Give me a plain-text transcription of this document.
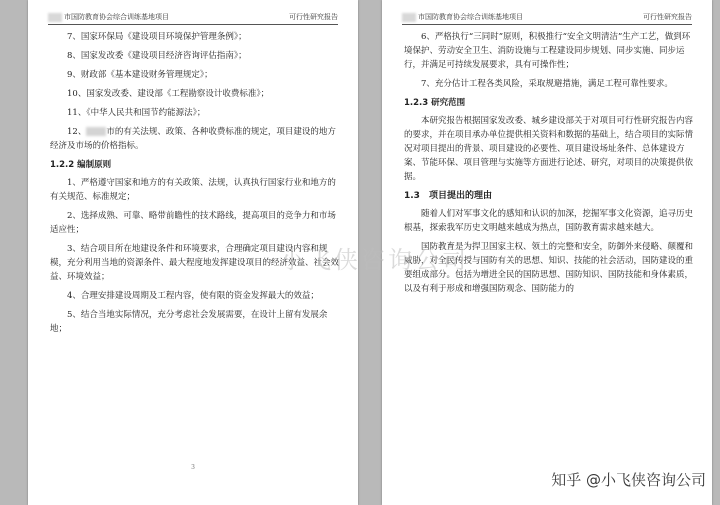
市国防教育协会综合训练基地项目	可行性研究报告

7、国家环保局《建设项目环境保护管理条例》；

8、国家发改委《建设项目经济咨询评估指南》；

9、财政部《基本建设财务管理规定》；

10、国家发改委、建设部《工程勘察设计收费标准》；

11、《中华人民共和国节约能源法》；

12、 市的有关法规、政策、各种收费标准的规定，项目建设的地方经济及市场的价格指标。

1.2.2 编制原则

1、严格遵守国家和地方的有关政策、法规，认真执行国家行业和地方的有关规范、标准规定；

2、选择成熟、可靠、略带前瞻性的技术路线，提高项目的竞争力和市场适应性；

3、结合项目所在地建设条件和环境要求，合理确定项目建设内容和规模，充分利用当地的资源条件、最大程度地发挥建设项目的经济效益、社会效益、环境效益；

4、合理安排建设周期及工程内容，使有限的资金发挥最大的效益；

5、结合当地实际情况，充分考虑社会发展需要，在设计上留有发展余地；

3
市国防教育协会综合训练基地项目	可行性研究报告

6、严格执行“三同时”原则，积极推行“安全文明清洁”生产工艺，做到环境保护、劳动安全卫生、消防设施与工程建设同步规划、同步实施、同步运行，并满足可持续发展要求，具有可操作性；

7、充分估计工程各类风险，采取规避措施，满足工程可靠性要求。

1.2.3 研究范围

本研究报告根据国家发改委、城乡建设部关于对项目可行性研究报告内容的要求，并在项目承办单位提供相关资料和数据的基础上，结合项目的实际情况对项目提出的背景、项目建设的必要性、项目建设场址条件、总体建设方案、节能环保、项目管理与实施等方面进行论述、研究，对项目的决策提供依据。

1.3　项目提出的理由

随着人们对军事文化的感知和认识的加深，挖掘军事文化资源，追寻历史根基，探索我军历史文明越来越成为热点，国防教育需求越来越大。

国防教育是为捍卫国家主权、领土的完整和安全，防御外来侵略、颠覆和威胁，对全民传授与国防有关的思想、知识、技能的社会活动，国防建设的重要组成部分。包括为增进全民的国防思想、国防知识、国防技能和身体素质，以及有利于形成和增强国防观念、国防能力的

小飞侠咨询公司
知乎 @小飞侠咨询公司
